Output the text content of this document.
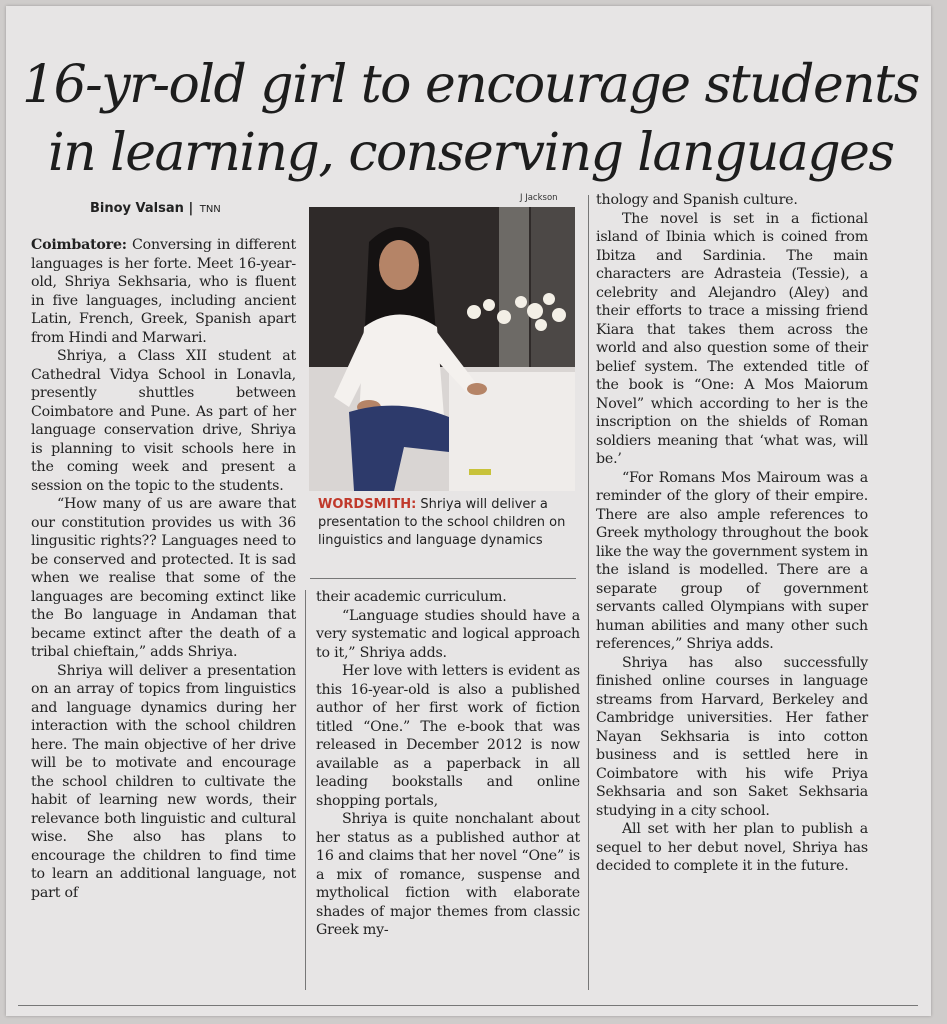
16-yr-old girl to encourage students
in learning, conserving languages
Binoy Valsan | TNN
J Jackson
WORDSMITH: Shriya will deliver a presentation to the school children on linguistics and language dynamics

Coimbatore: Conversing in different languages is her forte. Meet 16-year-old, Shriya Sekhsaria, who is fluent in five languages, including ancient Latin, French, Greek, Spanish apart from Hindi and Marwari.

Shriya, a Class XII student at Cathedral Vidya School in Lonavla, presently shuttles between Coimbatore and Pune. As part of her language conservation drive, Shriya is planning to visit schools here in the coming week and present a session on the topic to the students.

“How many of us are aware that our constitution provides us with 36 lingusitic rights?? Languages need to be conserved and protected. It is sad when we realise that some of the languages are becoming extinct like the Bo language in Andaman that became extinct after the death of a tribal chieftain,” adds Shriya.

Shriya will deliver a presentation on an array of topics from linguistics and language dynamics during her interaction with the school children here. The main objective of her drive will be to motivate and encourage the school children to cultivate the habit of learning new words, their relevance both linguistic and cultural wise. She also has plans to encourage the children to find time to learn an additional language, not part of

their academic curriculum.

“Language studies should have a very systematic and logical approach to it,” Shriya adds.

Her love with letters is evident as this 16-year-old is also a published author of her first work of fiction titled “One.” The e-book that was released in December 2012 is now available as a paperback in all leading bookstalls and online shopping portals,

Shriya is quite nonchalant about her status as a published author at 16 and claims that her novel “One” is a mix of romance, suspense and mytholical fiction with elaborate shades of major themes from classic Greek my-

thology and Spanish culture.

The novel is set in a fictional island of Ibinia which is coined from Ibitza and Sardinia. The main characters are Adrasteia (Tessie), a celebrity and Alejandro (Aley) and their efforts to trace a missing friend Kiara that takes them across the world and also question some of their belief system. The extended title of the book is “One: A Mos Maiorum Novel” which according to her is the inscription on the shields of Roman soldiers meaning that ‘what was, will be.’

“For Romans Mos Mairoum was a reminder of the glory of their empire. There are also ample references to Greek mythology throughout the book like the way the government system in the island is modelled. There are a separate group of government servants called Olympians with super human abilities and many other such references,” Shriya adds.

Shriya has also successfully finished online courses in language streams from Harvard, Berkeley and Cambridge universities. Her father Nayan Sekhsaria is into cotton business and is settled here in Coimbatore with his wife Priya Sekhsaria and son Saket Sekhsaria studying in a city school.

All set with her plan to publish a sequel to her debut novel, Shriya has decided to complete it in the future.
